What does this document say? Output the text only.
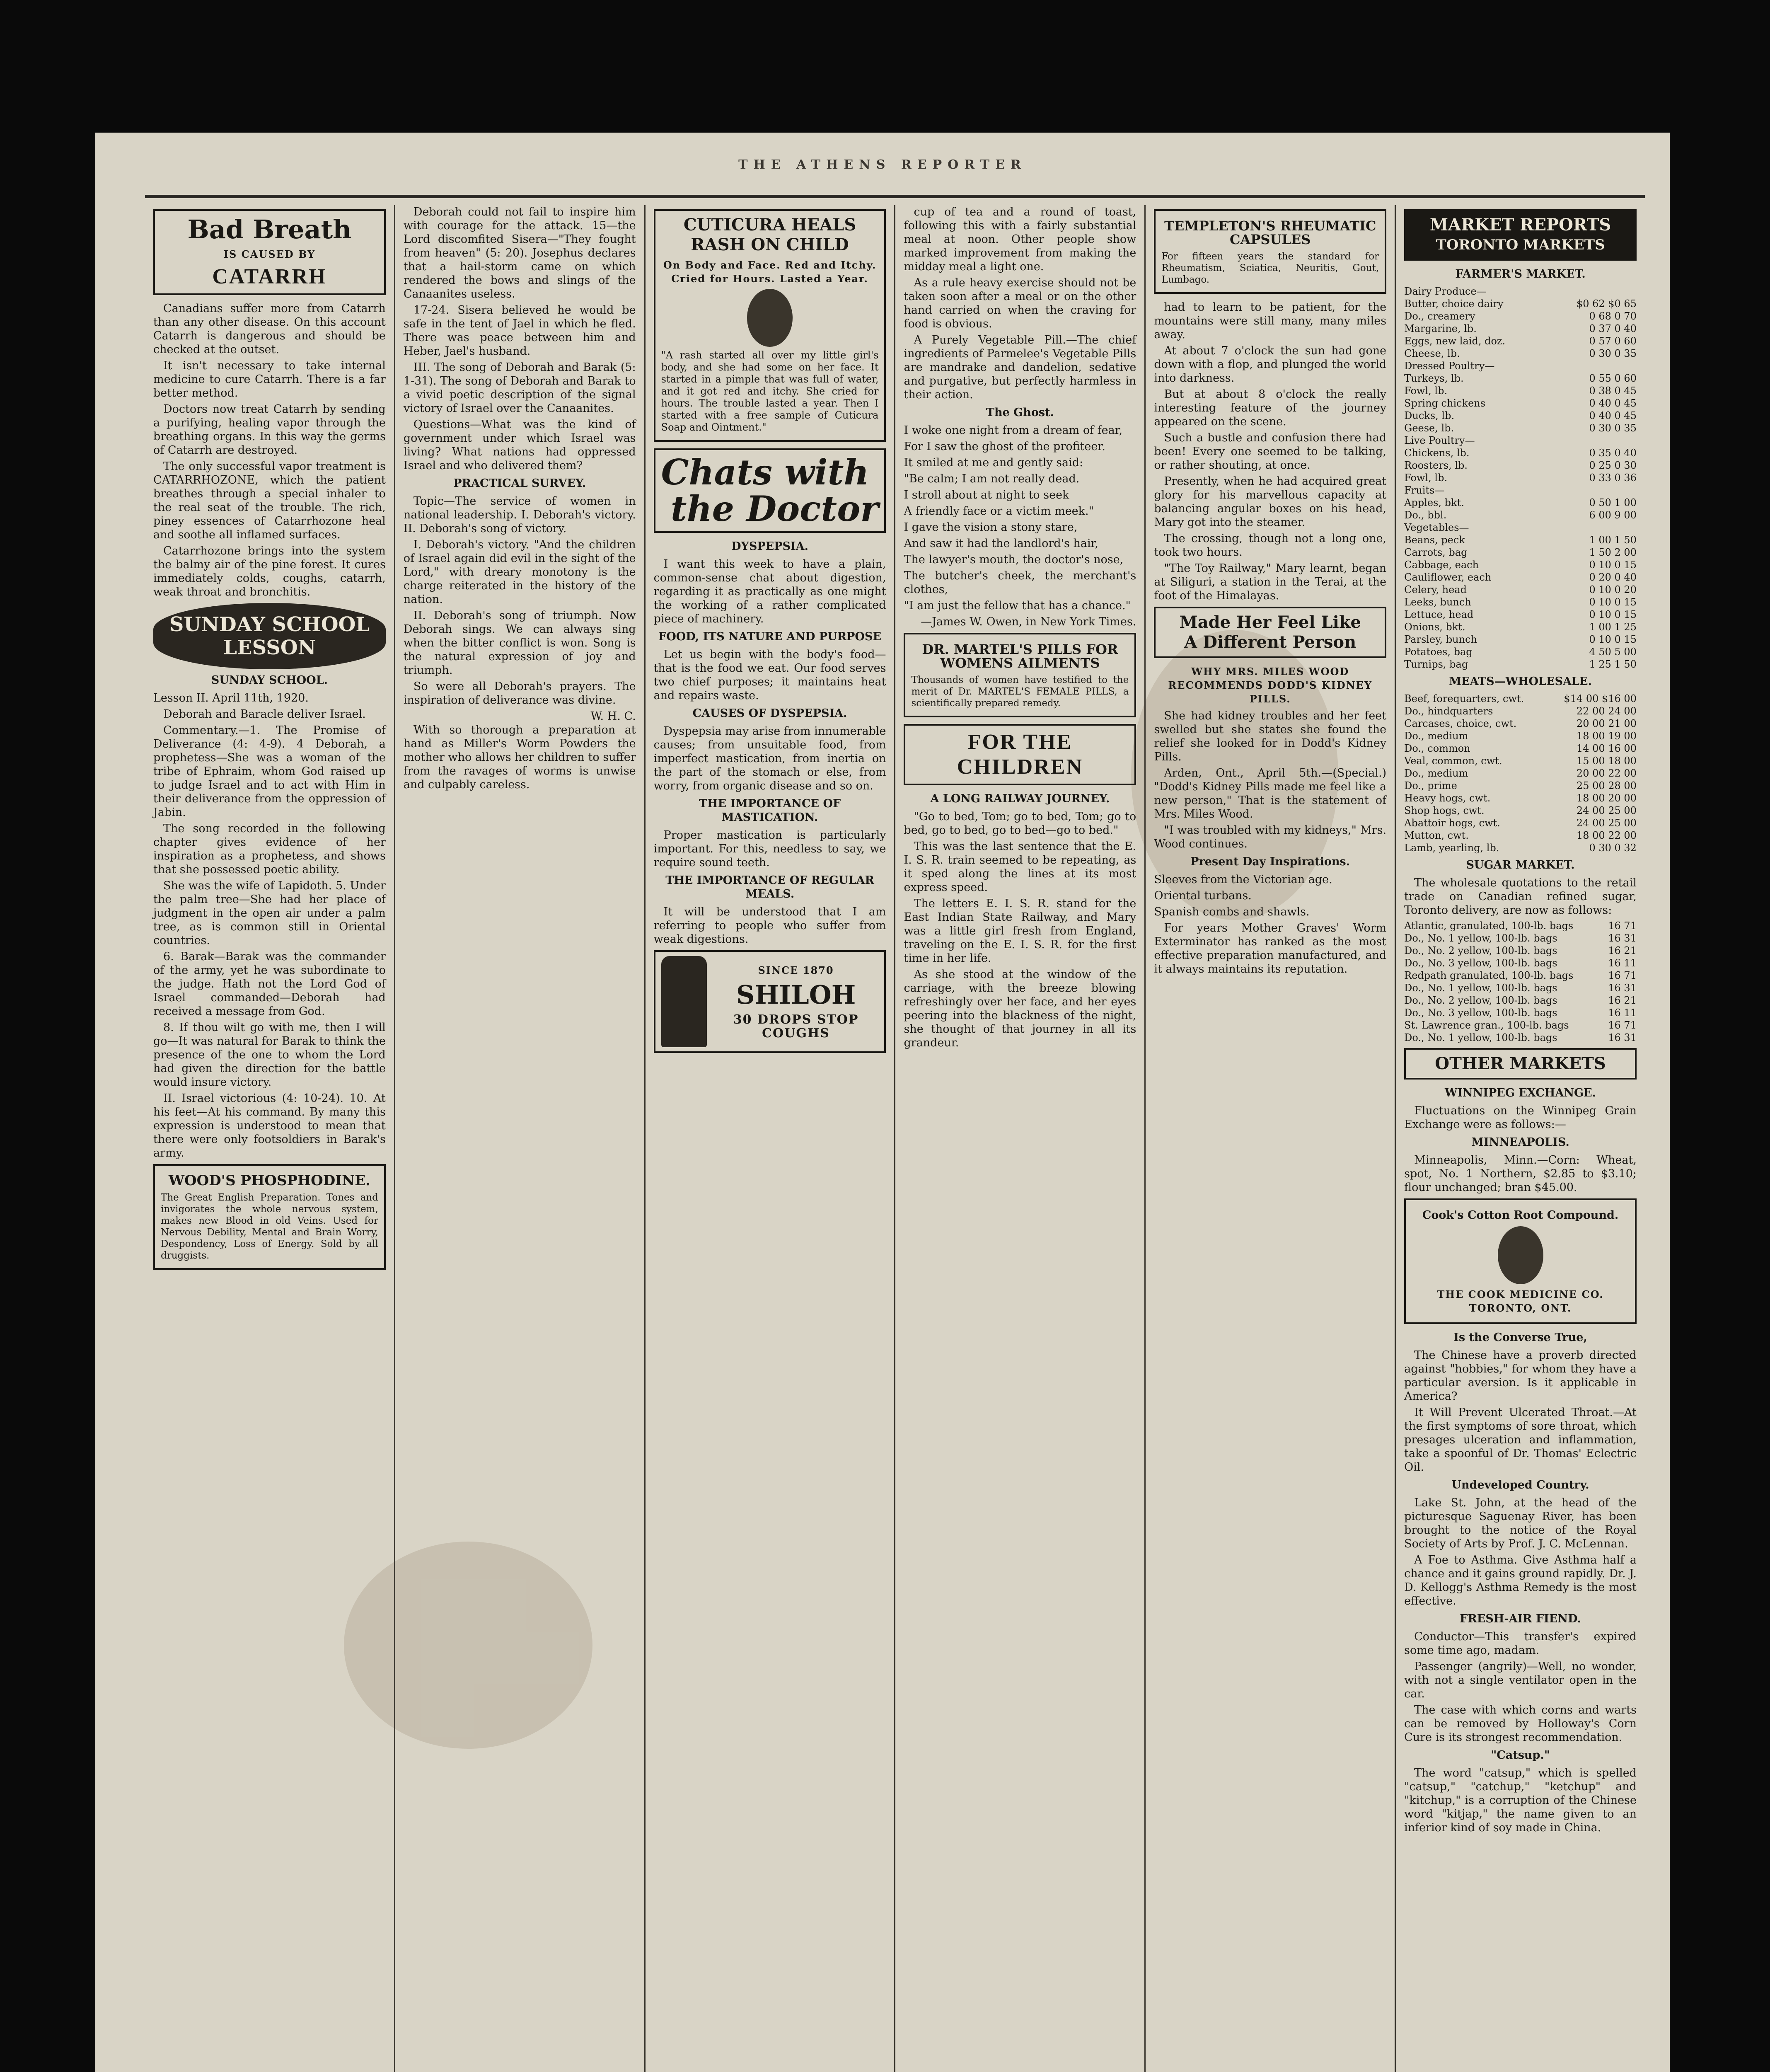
THE ATHENS REPORTER
Bad Breath
IS CAUSED BY
CATARRH

Canadians suffer more from Catarrh than any other disease. On this account Catarrh is dangerous and should be checked at the outset.

It isn't necessary to take internal medicine to cure Catarrh. There is a far better method.

Doctors now treat Catarrh by sending a purifying, healing vapor through the breathing organs. In this way the germs of Catarrh are destroyed.

The only successful vapor treatment is CATARRHOZONE, which the patient breathes through a special inhaler to the real seat of the trouble. The rich, piney essences of Catarrhozone heal and soothe all inflamed surfaces.

Catarrhozone brings into the system the balmy air of the pine forest. It cures immediately colds, coughs, catarrh, weak throat and bronchitis.

SUNDAY SCHOOL
LESSON
SUNDAY SCHOOL.

Lesson II. April 11th, 1920.

Deborah and Baracle deliver Israel.

Commentary.—1. The Promise of Deliverance (4: 4-9). 4 Deborah, a prophetess—She was a woman of the tribe of Ephraim, whom God raised up to judge Israel and to act with Him in their deliverance from the oppression of Jabin.

The song recorded in the following chapter gives evidence of her inspiration as a prophetess, and shows that she possessed poetic ability.

She was the wife of Lapidoth. 5. Under the palm tree—She had her place of judgment in the open air under a palm tree, as is common still in Oriental countries.

6. Barak—Barak was the commander of the army, yet he was subordinate to the judge. Hath not the Lord God of Israel commanded—Deborah had received a message from God.

8. If thou wilt go with me, then I will go—It was natural for Barak to think the presence of the one to whom the Lord had given the direction for the battle would insure victory.

II. Israel victorious (4: 10-24). 10. At his feet—At his command. By many this expression is understood to mean that there were only footsoldiers in Barak's army.

WOOD'S PHOSPHODINE.

The Great English Preparation. Tones and invigorates the whole nervous system, makes new Blood in old Veins. Used for Nervous Debility, Mental and Brain Worry, Despondency, Loss of Energy. Sold by all druggists.

Deborah could not fail to inspire him with courage for the attack. 15—the Lord discomfited Sisera—"They fought from heaven" (5: 20). Josephus declares that a hail-storm came on which rendered the bows and slings of the Canaanites useless.

17-24. Sisera believed he would be safe in the tent of Jael in which he fled. There was peace between him and Heber, Jael's husband.

III. The song of Deborah and Barak (5: 1-31). The song of Deborah and Barak to a vivid poetic description of the signal victory of Israel over the Canaanites.

Questions—What was the kind of government under which Israel was living? What nations had oppressed Israel and who delivered them?

PRACTICAL SURVEY.

Topic—The service of women in national leadership. I. Deborah's victory. II. Deborah's song of victory.

I. Deborah's victory. "And the children of Israel again did evil in the sight of the Lord," with dreary monotony is the charge reiterated in the history of the nation.

II. Deborah's song of triumph. Now Deborah sings. We can always sing when the bitter conflict is won. Song is the natural expression of joy and triumph.

So were all Deborah's prayers. The inspiration of deliverance was divine.

W. H. C.

With so thorough a preparation at hand as Miller's Worm Powders the mother who allows her children to suffer from the ravages of worms is unwise and culpably careless.

CUTICURA HEALS RASH ON CHILD
On Body and Face. Red and Itchy. Cried for Hours. Lasted a Year.

"A rash started all over my little girl's body, and she had some on her face. It started in a pimple that was full of water, and it got red and itchy. She cried for hours. The trouble lasted a year. Then I started with a free sample of Cuticura Soap and Ointment."

Chats with
the Doctor
DYSPEPSIA.

I want this week to have a plain, common-sense chat about digestion, regarding it as practically as one might the working of a rather complicated piece of machinery.

FOOD, ITS NATURE AND PURPOSE

Let us begin with the body's food—that is the food we eat. Our food serves two chief purposes; it maintains heat and repairs waste.

CAUSES OF DYSPEPSIA.

Dyspepsia may arise from innumerable causes; from unsuitable food, from imperfect mastication, from inertia on the part of the stomach or else, from worry, from organic disease and so on.

THE IMPORTANCE OF MASTICATION.

Proper mastication is particularly important. For this, needless to say, we require sound teeth.

THE IMPORTANCE OF REGULAR MEALS.

It will be understood that I am referring to people who suffer from weak digestions.

SINCE 1870
SHILOH
30 DROPS STOP COUGHS

cup of tea and a round of toast, following this with a fairly substantial meal at noon. Other people show marked improvement from making the midday meal a light one.

As a rule heavy exercise should not be taken soon after a meal or on the other hand carried on when the craving for food is obvious.

A Purely Vegetable Pill.—The chief ingredients of Parmelee's Vegetable Pills are mandrake and dandelion, sedative and purgative, but perfectly harmless in their action.

The Ghost.

I woke one night from a dream of fear,

For I saw the ghost of the profiteer.

It smiled at me and gently said:

"Be calm; I am not really dead.

I stroll about at night to seek

A friendly face or a victim meek."

I gave the vision a stony stare,

And saw it had the landlord's hair,

The lawyer's mouth, the doctor's nose,

The butcher's cheek, the merchant's clothes,

"I am just the fellow that has a chance."

—James W. Owen, in New York Times.

DR. MARTEL'S PILLS FOR WOMENS AILMENTS

Thousands of women have testified to the merit of Dr. MARTEL'S FEMALE PILLS, a scientifically prepared remedy.

FOR THE CHILDREN
A LONG RAILWAY JOURNEY.

"Go to bed, Tom; go to bed, Tom; go to bed, go to bed, go to bed—go to bed."

This was the last sentence that the E. I. S. R. train seemed to be repeating, as it sped along the lines at its most express speed.

The letters E. I. S. R. stand for the East Indian State Railway, and Mary was a little girl fresh from England, traveling on the E. I. S. R. for the first time in her life.

As she stood at the window of the carriage, with the breeze blowing refreshingly over her face, and her eyes peering into the blackness of the night, she thought of that journey in all its grandeur.

TEMPLETON'S RHEUMATIC CAPSULES

For fifteen years the standard for Rheumatism, Sciatica, Neuritis, Gout, Lumbago.

had to learn to be patient, for the mountains were still many, many miles away.

At about 7 o'clock the sun had gone down with a flop, and plunged the world into darkness.

But at about 8 o'clock the really interesting feature of the journey appeared on the scene.

Such a bustle and confusion there had been! Every one seemed to be talking, or rather shouting, at once.

Presently, when he had acquired great glory for his marvellous capacity at balancing angular boxes on his head, Mary got into the steamer.

The crossing, though not a long one, took two hours.

"The Toy Railway," Mary learnt, began at Siliguri, a station in the Terai, at the foot of the Himalayas.

Made Her Feel Like
A Different Person
WHY MRS. MILES WOOD RECOMMENDS DODD'S KIDNEY PILLS.

She had kidney troubles and her feet swelled but she states she found the relief she looked for in Dodd's Kidney Pills.

Arden, Ont., April 5th.—(Special.) "Dodd's Kidney Pills made me feel like a new person," That is the statement of Mrs. Miles Wood.

"I was troubled with my kidneys," Mrs. Wood continues.

Present Day Inspirations.

Sleeves from the Victorian age.

Oriental turbans.

Spanish combs and shawls.

For years Mother Graves' Worm Exterminator has ranked as the most effective preparation manufactured, and it always maintains its reputation.

MARKET REPORTS
TORONTO MARKETS
FARMER'S MARKET.
Dairy Produce—
Butter, choice dairy	$0 62 $0 65
Do., creamery	0 68 0 70
Margarine, lb.	0 37 0 40
Eggs, new laid, doz.	0 57 0 60
Cheese, lb.	0 30 0 35
Dressed Poultry—
Turkeys, lb.	0 55 0 60
Fowl, lb.	0 38 0 45
Spring chickens	0 40 0 45
Ducks, lb.	0 40 0 45
Geese, lb.	0 30 0 35
Live Poultry—
Chickens, lb.	0 35 0 40
Roosters, lb.	0 25 0 30
Fowl, lb.	0 33 0 36
Fruits—
Apples, bkt.	0 50 1 00
Do., bbl.	6 00 9 00
Vegetables—
Beans, peck	1 00 1 50
Carrots, bag	1 50 2 00
Cabbage, each	0 10 0 15
Cauliflower, each	0 20 0 40
Celery, head	0 10 0 20
Leeks, bunch	0 10 0 15
Lettuce, head	0 10 0 15
Onions, bkt.	1 00 1 25
Parsley, bunch	0 10 0 15
Potatoes, bag	4 50 5 00
Turnips, bag	1 25 1 50
MEATS—WHOLESALE.
Beef, forequarters, cwt.	$14 00 $16 00
Do., hindquarters	22 00 24 00
Carcases, choice, cwt.	20 00 21 00
Do., medium	18 00 19 00
Do., common	14 00 16 00
Veal, common, cwt.	15 00 18 00
Do., medium	20 00 22 00
Do., prime	25 00 28 00
Heavy hogs, cwt.	18 00 20 00
Shop hogs, cwt.	24 00 25 00
Abattoir hogs, cwt.	24 00 25 00
Mutton, cwt.	18 00 22 00
Lamb, yearling, lb.	0 30 0 32
SUGAR MARKET.

The wholesale quotations to the retail trade on Canadian refined sugar, Toronto delivery, are now as follows:

Atlantic, granulated, 100-lb. bags	16 71
Do., No. 1 yellow, 100-lb. bags	16 31
Do., No. 2 yellow, 100-lb. bags	16 21
Do., No. 3 yellow, 100-lb. bags	16 11
Redpath granulated, 100-lb. bags	16 71
Do., No. 1 yellow, 100-lb. bags	16 31
Do., No. 2 yellow, 100-lb. bags	16 21
Do., No. 3 yellow, 100-lb. bags	16 11
St. Lawrence gran., 100-lb. bags	16 71
Do., No. 1 yellow, 100-lb. bags	16 31
OTHER MARKETS
WINNIPEG EXCHANGE.

Fluctuations on the Winnipeg Grain Exchange were as follows:—

MINNEAPOLIS.

Minneapolis, Minn.—Corn: Wheat, spot, No. 1 Northern, $2.85 to $3.10; flour unchanged; bran $45.00.

Cook's Cotton Root Compound.
THE COOK MEDICINE CO. TORONTO, ONT.
Is the Converse True,

The Chinese have a proverb directed against "hobbies," for whom they have a particular aversion. Is it applicable in America?

It Will Prevent Ulcerated Throat.—At the first symptoms of sore throat, which presages ulceration and inflammation, take a spoonful of Dr. Thomas' Eclectric Oil.

Undeveloped Country.

Lake St. John, at the head of the picturesque Saguenay River, has been brought to the notice of the Royal Society of Arts by Prof. J. C. McLennan.

A Foe to Asthma. Give Asthma half a chance and it gains ground rapidly. Dr. J. D. Kellogg's Asthma Remedy is the most effective.

FRESH-AIR FIEND.

Conductor—This transfer's expired some time ago, madam.

Passenger (angrily)—Well, no wonder, with not a single ventilator open in the car.

The case with which corns and warts can be removed by Holloway's Corn Cure is its strongest recommendation.

"Catsup."

The word "catsup," which is spelled "catsup," "catchup," "ketchup" and "kitchup," is a corruption of the Chinese word "kitjap," the name given to an inferior kind of soy made in China.
